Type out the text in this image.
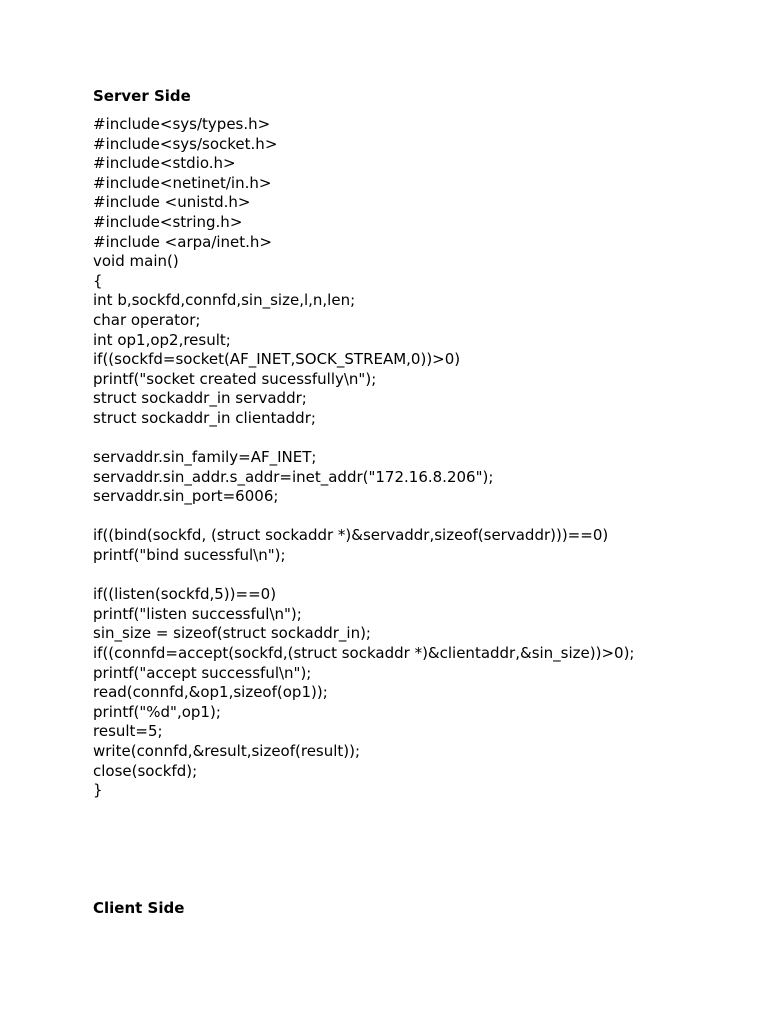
Server Side
#include<sys/types.h>
#include<sys/socket.h>
#include<stdio.h>
#include<netinet/in.h>
#include <unistd.h>
#include<string.h>
#include <arpa/inet.h>
void main()
{
int b,sockfd,connfd,sin_size,l,n,len;
char operator;
int op1,op2,result;
if((sockfd=socket(AF_INET,SOCK_STREAM,0))>0)
printf("socket created sucessfully\n");
struct sockaddr_in servaddr;
struct sockaddr_in clientaddr;
servaddr.sin_family=AF_INET;
servaddr.sin_addr.s_addr=inet_addr("172.16.8.206");
servaddr.sin_port=6006;
if((bind(sockfd, (struct sockaddr *)&servaddr,sizeof(servaddr)))==0)
printf("bind sucessful\n");
if((listen(sockfd,5))==0)
printf("listen successful\n");
sin_size = sizeof(struct sockaddr_in);
if((connfd=accept(sockfd,(struct sockaddr *)&clientaddr,&sin_size))>0);
printf("accept successful\n");
read(connfd,&op1,sizeof(op1));
printf("%d",op1);
result=5;
write(connfd,&result,sizeof(result));
close(sockfd);
}
Client Side
